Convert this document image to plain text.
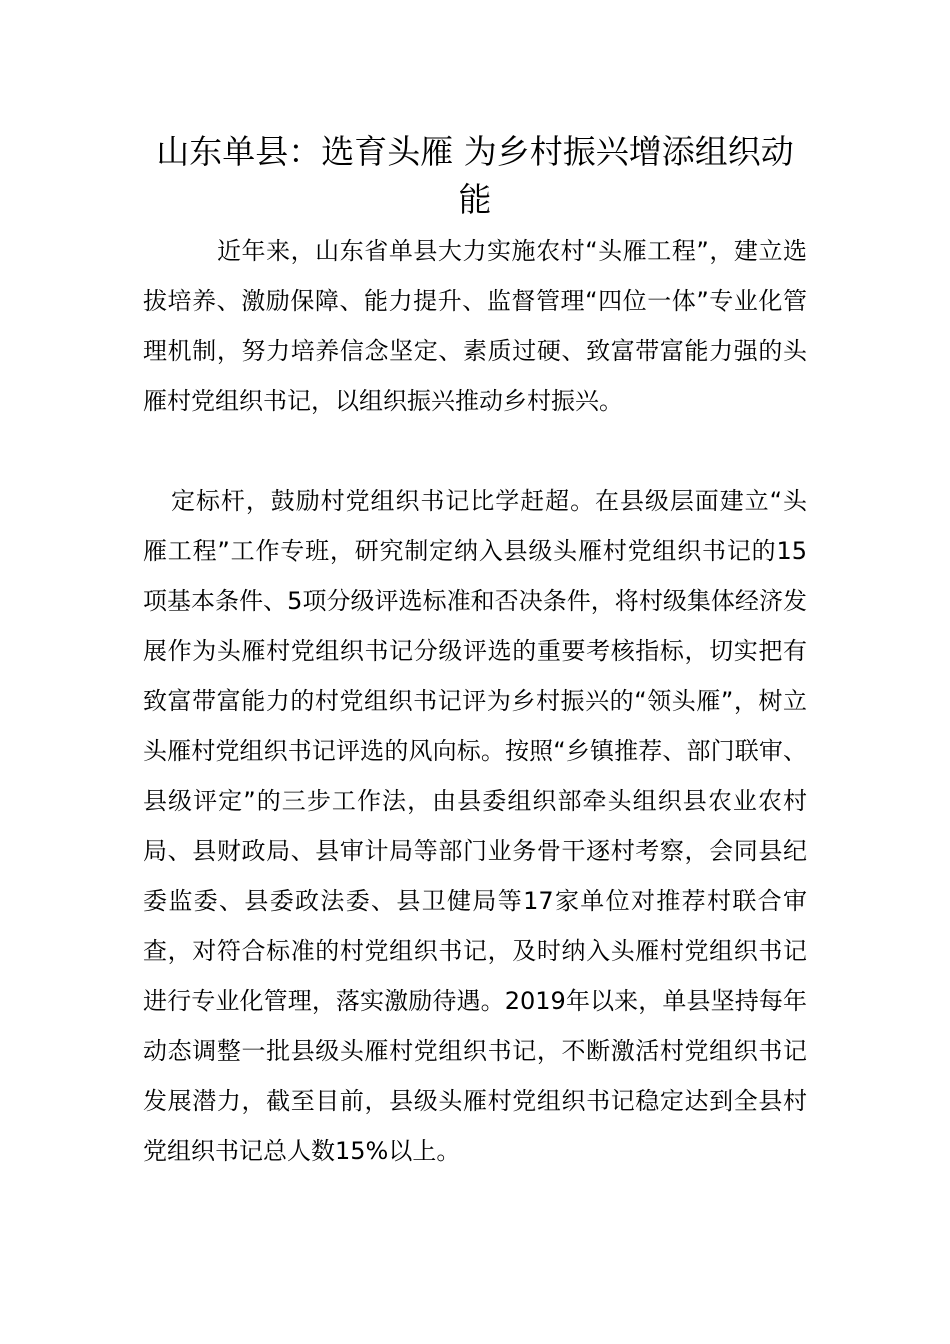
山东单县：选育头雁 为乡村振兴增添组织动能

近年来，山东省单县大力实施农村“头雁工程”，建立选拔培养、激励保障、能力提升、监督管理“四位一体”专业化管理机制，努力培养信念坚定、素质过硬、致富带富能力强的头雁村党组织书记，以组织振兴推动乡村振兴。

定标杆，鼓励村党组织书记比学赶超。在县级层面建立“头雁工程”工作专班，研究制定纳入县级头雁村党组织书记的15项基本条件、5项分级评选标准和否决条件，将村级集体经济发展作为头雁村党组织书记分级评选的重要考核指标，切实把有致富带富能力的村党组织书记评为乡村振兴的“领头雁”，树立头雁村党组织书记评选的风向标。按照“乡镇推荐、部门联审、县级评定”的三步工作法，由县委组织部牵头组织县农业农村局、县财政局、县审计局等部门业务骨干逐村考察，会同县纪委监委、县委政法委、县卫健局等17家单位对推荐村联合审查，对符合标准的村党组织书记，及时纳入头雁村党组织书记进行专业化管理，落实激励待遇。2019年以来，单县坚持每年动态调整一批县级头雁村党组织书记，不断激活村党组织书记发展潜力，截至目前，县级头雁村党组织书记稳定达到全县村党组织书记总人数15%以上。
